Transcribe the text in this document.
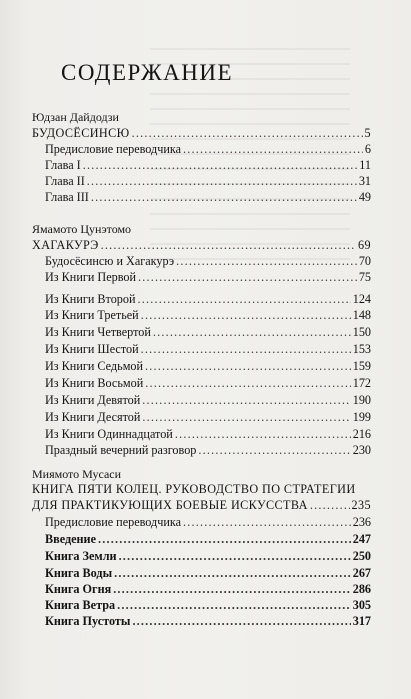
СОДЕРЖАНИЕ
Юдзан Дайдодзи
БУДОСЁСИНСЮ .....	5
Предисловие переводчика .....	6
Глава I .....	11
Глава II .....	31
Глава III .....	49
Ямамото Цунэтомо
ХАГАКУРЭ .....	69
Будосёсинсю и Хагакурэ .....	70
Из Книги Первой .....	75
Из Книги Второй .....	124
Из Книги Третьей .....	148
Из Книги Четвертой .....	150
Из Книги Шестой .....	153
Из Книги Седьмой .....	159
Из Книги Восьмой .....	172
Из Книги Девятой .....	190
Из Книги Десятой .....	199
Из Книги Одиннадцатой .....	216
Праздный вечерний разговор .....	230
Миямото Мусаси
КНИГА ПЯТИ КОЛЕЦ. РУКОВОДСТВО ПО СТРАТЕГИИ
ДЛЯ ПРАКТИКУЮЩИХ БОЕВЫЕ ИСКУССТВА .....	235
Предисловие переводчика .....	236
Введение .....	247
Книга Земли .....	250
Книга Воды .....	267
Книга Огня .....	286
Книга Ветра .....	305
Книга Пустоты .....	317
